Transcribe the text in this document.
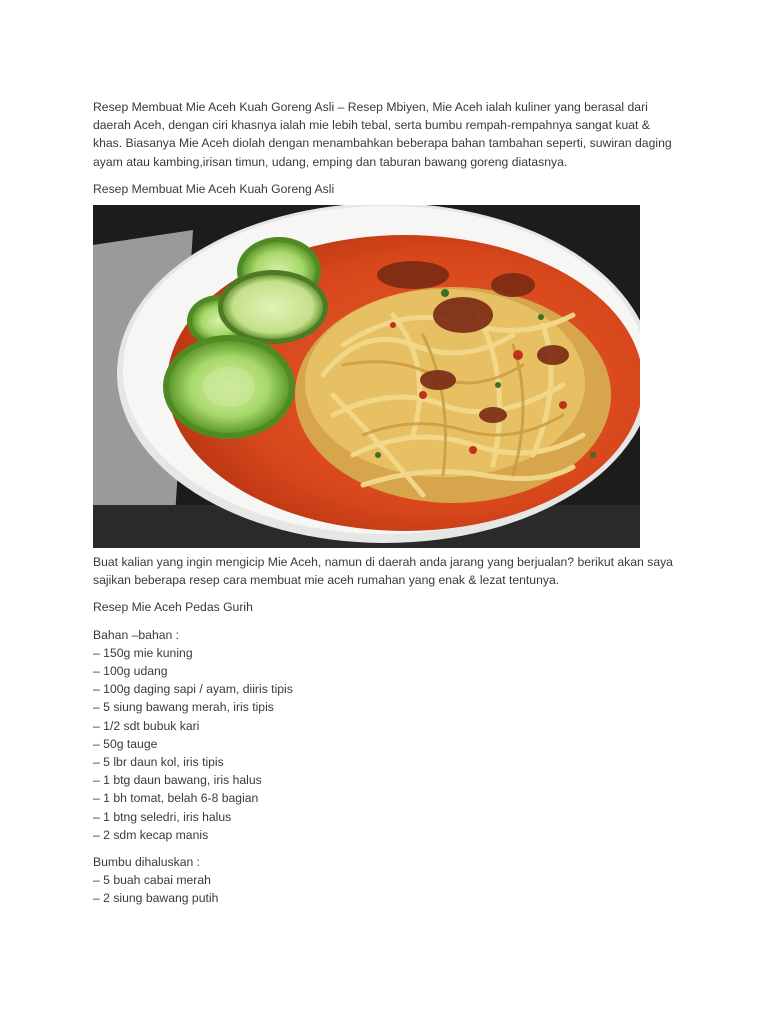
Resep Membuat Mie Aceh Kuah Goreng Asli – Resep Mbiyen, Mie Aceh ialah kuliner yang berasal dari daerah Aceh, dengan ciri khasnya ialah mie lebih tebal, serta bumbu rempah-rempahnya sangat kuat & khas. Biasanya Mie Aceh diolah dengan menambahkan beberapa bahan tambahan seperti, suwiran daging ayam atau kambing,irisan timun, udang, emping dan taburan bawang goreng diatasnya.

Resep Membuat Mie Aceh Kuah Goreng Asli

Buat kalian yang ingin mengicip Mie Aceh, namun di daerah anda jarang yang berjualan? berikut akan saya sajikan beberapa resep cara membuat mie aceh rumahan yang enak & lezat tentunya.

Resep Mie Aceh Pedas Gurih

Bahan –bahan :

– 150g mie kuning
– 100g udang
– 100g daging sapi / ayam, diiris tipis
– 5 siung bawang merah, iris tipis
– 1/2 sdt bubuk kari
– 50g tauge
– 5 lbr daun kol, iris tipis
– 1 btg daun bawang, iris halus
– 1 bh tomat, belah 6-8 bagian
– 1 btng seledri, iris halus
– 2 sdm kecap manis

Bumbu dihaluskan :

– 5 buah cabai merah
– 2 siung bawang putih
